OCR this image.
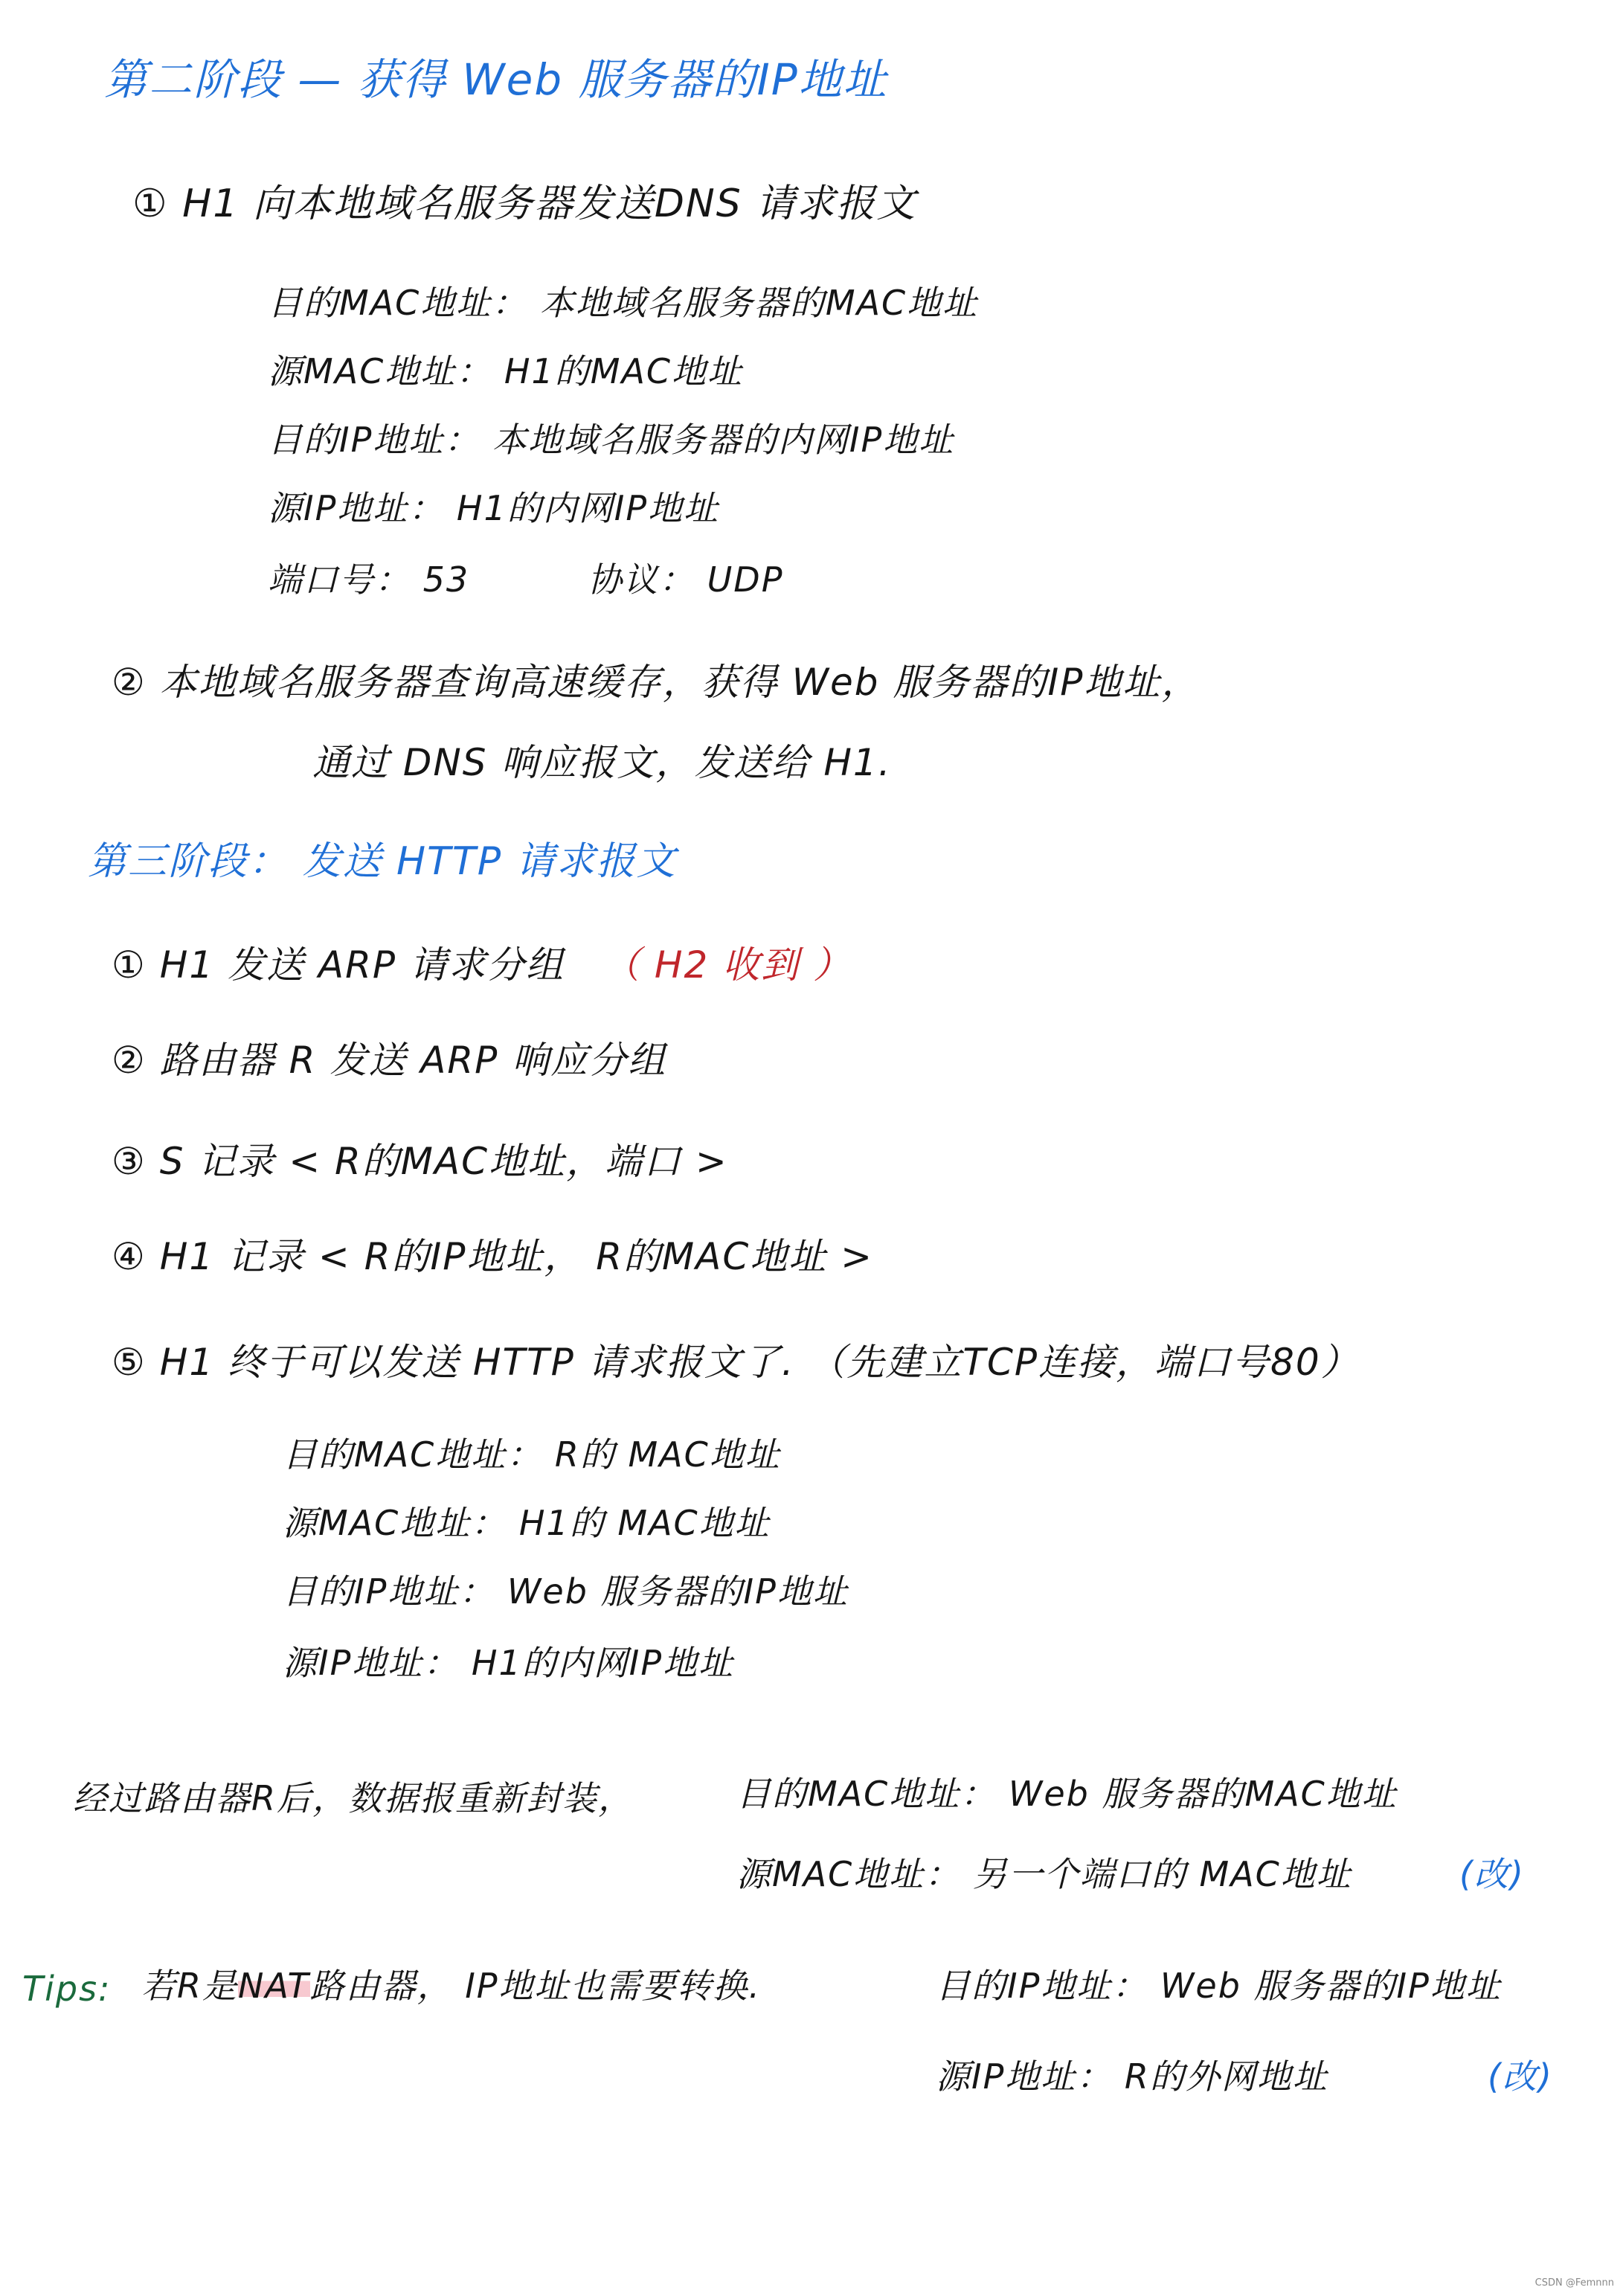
第二阶段 — 获得 Web 服务器的IP地址
① H1 向本地域名服务器发送DNS 请求报文
目的MAC地址： 本地域名服务器的MAC地址
源MAC地址： H1的MAC地址
目的IP地址： 本地域名服务器的内网IP地址
源IP地址： H1的内网IP地址
端口号： 53	协议： UDP
② 本地域名服务器查询高速缓存，获得 Web 服务器的IP地址，
通过 DNS 响应报文，发送给 H1.
第三阶段： 发送 HTTP 请求报文
① H1 发送 ARP 请求分组 （ H2 收到 ）
② 路由器 R 发送 ARP 响应分组
③ S 记录 < R的MAC地址，端口 >
④ H1 记录 < R的IP地址， R的MAC地址 >
⑤ H1 终于可以发送 HTTP 请求报文了. （先建立TCP连接，端口号80）
目的MAC地址： R的 MAC地址
源MAC地址： H1的 MAC地址
目的IP地址： Web 服务器的IP地址
源IP地址： H1的内网IP地址
经过路由器R后，数据报重新封装，	目的MAC地址： Web 服务器的MAC地址
源MAC地址： 另一个端口的 MAC地址	(改)
Tips: 若R是NAT路由器， IP地址也需要转换.	目的IP地址： Web 服务器的IP地址
源IP地址： R的外网地址	(改)
CSDN @Femnnn
